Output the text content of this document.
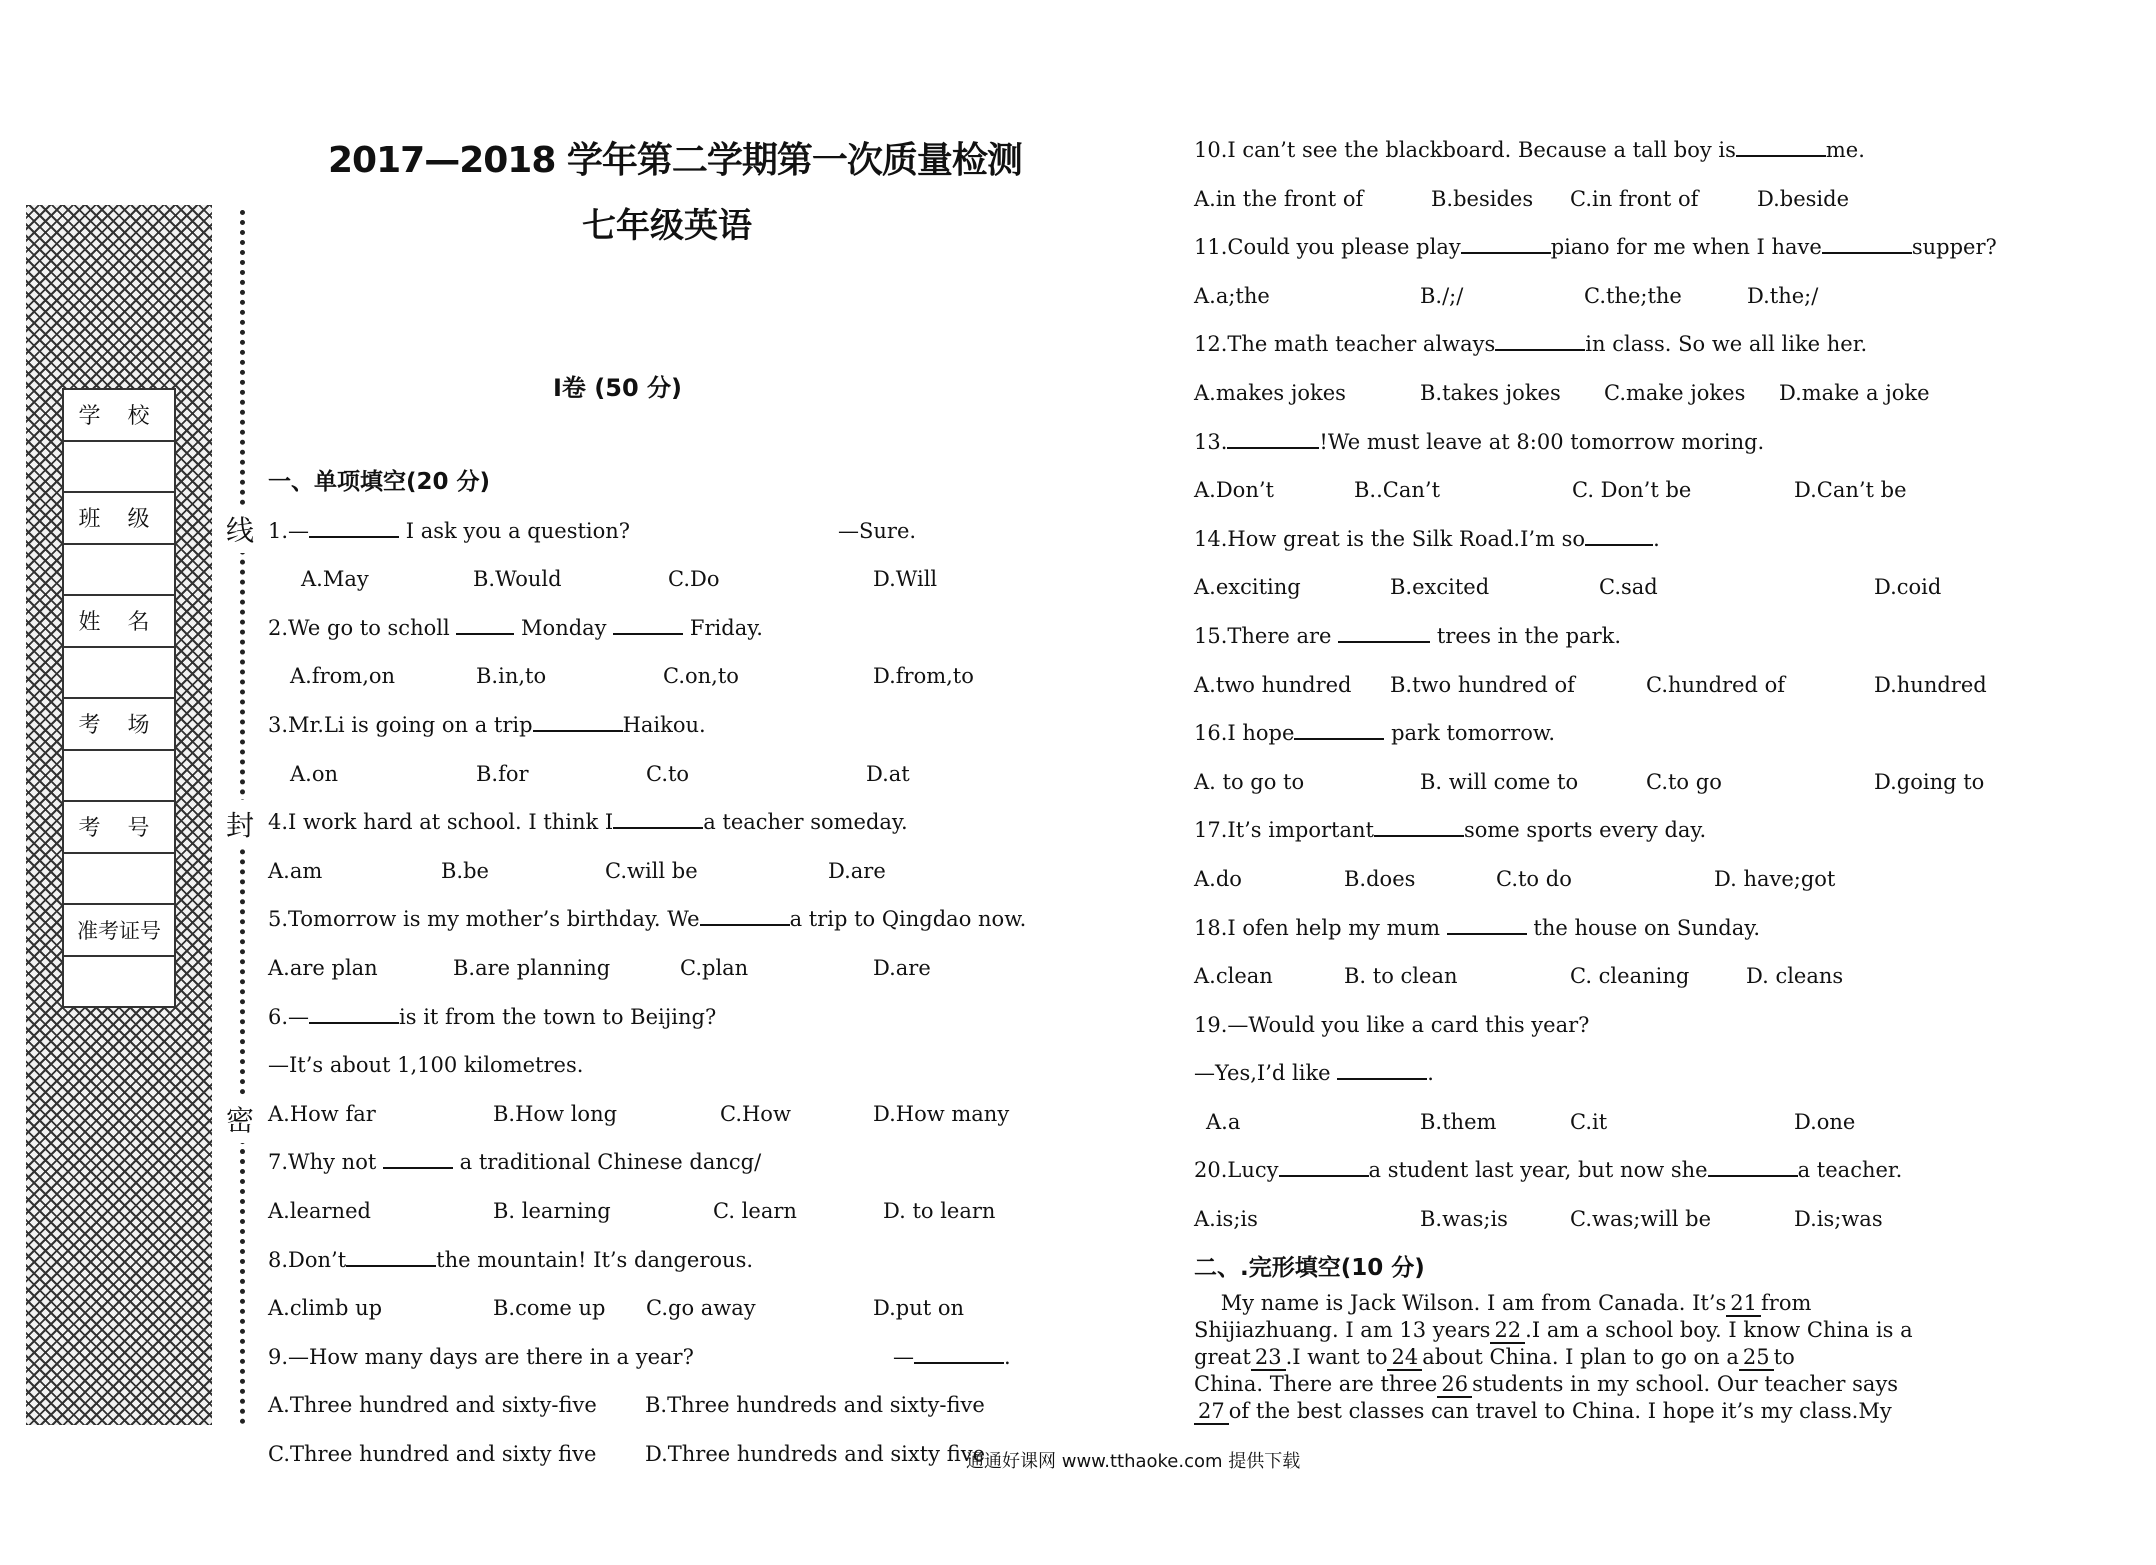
学 校
班 级
姓 名
考 场
考 号
准考证号
线
封
密
2017—2018 学年第二学期第一次质量检测
七年级英语
Ⅰ卷 (50 分)
一、单项填空(20 分)
1.—	I ask you a question?	—Sure.
A.May	B.Would	C.Do	D.Will
2.We go to scholl	Monday	Friday.
A.from,on	B.in,to	C.on,to	D.from,to
3.Mr.Li is going on a trip	Haikou.
A.on	B.for	C.to	D.at
4.I work hard at school. I think I	a teacher someday.
A.am	B.be	C.will be	D.are
5.Tomorrow is my mother’s birthday. We	a trip to Qingdao now.
A.are plan	B.are planning	C.plan	D.are
6.—	is it from the town to Beijing?
—It’s about 1,100 kilometres.
A.How far	B.How long	C.How	D.How many
7.Why not	a traditional Chinese dancg/
A.learned	B. learning	C. learn	D. to learn
8.Don’t	the mountain! It’s dangerous.
A.climb up	B.come up C.go away	D.put on
9.—How many days are there in a year?	—	.
A.Three hundred and sixty-five B.Three hundreds and sixty-five
C.Three hundred and sixty five D.Three hundreds and sixty five
10.I can’t see the blackboard. Because a tall boy is	me.
A.in the front of	B.besides C.in front of	D.beside
11.Could you please play	piano for me when I have	supper?
A.a;the	B./;/	C.the;the	D.the;/
12.The math teacher always	in class. So we all like her.
A.makes jokes	B.takes jokes C.make jokes D.make a joke
13.	!We must leave at 8:00 tomorrow moring.
A.Don’t	B..Can’t	C. Don’t be	D.Can’t be
14.How great is the Silk Road.I’m so	.
A.exciting	B.excited	C.sad	D.coid
15.There are	trees in the park.
A.two hundred B.two hundred of	C.hundred of	D.hundred
16.I hope	park tomorrow.
A. to go to	B. will come to	C.to go	D.going to
17.It’s important	some sports every day.
A.do	B.does	C.to do	D. have;got
18.I ofen help my mum	the house on Sunday.
A.clean	B. to clean	C. cleaning	D. cleans
19.—Would you like a card this year?
—Yes,I’d like	.
A.a	B.them	C.it	D.one
20.Lucy	a student last year, but now she	a teacher.
A.is;is	B.was;is	C.was;will be	D.is;was
二、.完形填空(10 分)
My name is Jack Wilson. I am from Canada. It’s 21 from
Shijiazhuang. I am 13 years 22 .I am a school boy. I know China is a
great 23 .I want to 24 about China. I plan to go on a 25 to
China. There are three 26 students in my school. Our teacher says
27 of the best classes can travel to China. I hope it’s my class.My
通通好课网 www.tthaoke.com 提供下载
